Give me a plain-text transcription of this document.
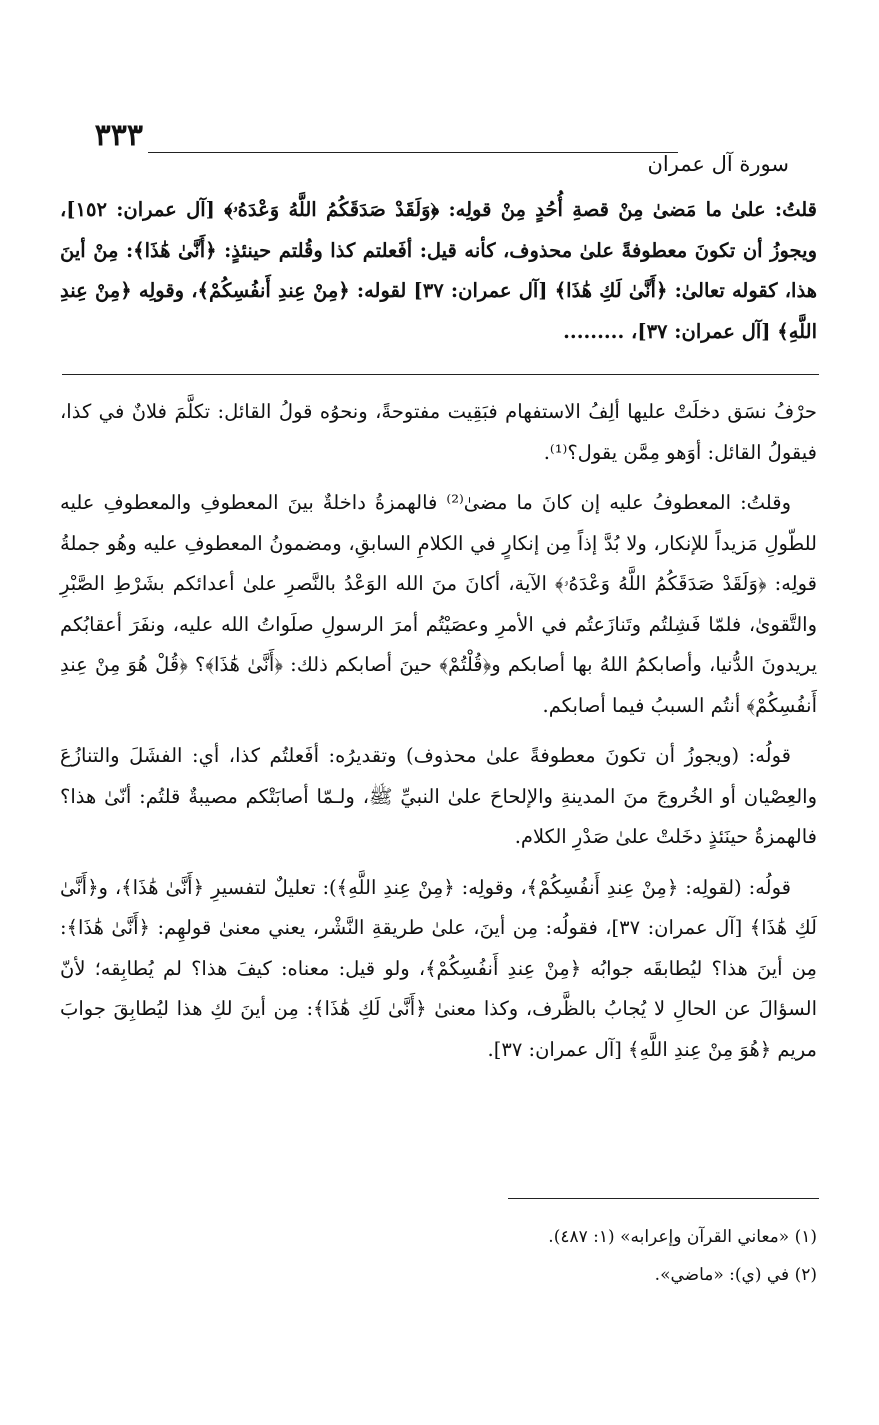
٣٣٣
سورة آل عمران

قلتُ: علىٰ ما مَضىٰ مِنْ قصةِ أُحُدٍ مِنْ قولِه: ﴿وَلَقَدْ صَدَقَكُمُ اللَّهُ وَعْدَهُۥ﴾ [آل عمران: ١٥٢]، ويجوزُ أن تكونَ معطوفةً علىٰ محذوف، كأنه قيل: أفَعلتم كذا وقُلتم حينئذٍ: ﴿أَنَّىٰ هَٰذَا﴾: مِنْ أينَ هذا، كقوله تعالىٰ: ﴿أَنَّىٰ لَكِ هَٰذَا﴾ [آل عمران: ٣٧] لقوله: ﴿مِنْ عِندِ أَنفُسِكُمْ﴾، وقولِه ﴿مِنْ عِندِ اللَّهِ﴾ [آل عمران: ٣٧]، .........

حرْفُ نسَق دخلَتْ عليها ألِفُ الاستفهام فبَقِيت مفتوحةً، ونحوُه قولُ القائل: تكلَّمَ فلانٌ في كذا، فيقولُ القائل: أوَهو مِمَّن يقول؟⁽¹⁾.

وقلتُ: المعطوفُ عليه إن كانَ ما مضىٰ⁽²⁾ فالهمزةُ داخلةٌ بينَ المعطوفِ والمعطوفِ عليه للطّولِ مَزيداً للإنكار، ولا بُدَّ إذاً مِن إنكارٍ في الكلامِ السابقِ، ومضمونُ المعطوفِ عليه وهُو جملةُ قولِه: ﴿وَلَقَدْ صَدَقَكُمُ اللَّهُ وَعْدَهُۥ﴾ الآية، أكانَ منَ الله الوَعْدُ بالنَّصرِ علىٰ أعدائكم بشَرْطِ الصَّبْرِ والتَّقوىٰ، فلمّا فَشِلتُم وتَنازَعتُم في الأمرِ وعصَيْتُم أمرَ الرسولِ صلَواتُ الله عليه، ونفَرَ أعقابُكم يريدونَ الدُّنيا، وأصابكمُ اللهُ بها أصابكم و﴿قُلْتُمْ﴾ حينَ أصابكم ذلك: ﴿أَنَّىٰ هَٰذَا﴾؟ ﴿قُلْ هُوَ مِنْ عِندِ أَنفُسِكُمْ﴾ أنتُم السببُ فيما أصابكم.

قولُه: (ويجوزُ أن تكونَ معطوفةً علىٰ محذوف) وتقديرُه: أفَعلتُم كذا، أي: الفشَلَ والتنازُعَ والعِصْيان أو الخُروجَ منَ المدينةِ والإلحاحَ علىٰ النبيِّ ﷺ، ولـمّا أصابَتْكم مصيبةٌ قلتُم: أنّىٰ هذا؟ فالهمزةُ حينَئذٍ دخَلتْ علىٰ صَدْرِ الكلام.

قولُه: (لقولِه: ﴿مِنْ عِندِ أَنفُسِكُمْ﴾، وقولِه: ﴿مِنْ عِندِ اللَّهِ﴾): تعليلٌ لتفسيرِ ﴿أَنَّىٰ هَٰذَا﴾، و﴿أَنَّىٰ لَكِ هَٰذَا﴾ [آل عمران: ٣٧]، فقولُه: مِن أينَ، علىٰ طريقةِ النَّشْر، يعني معنىٰ قولهِم: ﴿أَنَّىٰ هَٰذَا﴾: مِن أينَ هذا؟ ليُطابقَه جوابُه ﴿مِنْ عِندِ أَنفُسِكُمْ﴾، ولو قيل: معناه: كيفَ هذا؟ لم يُطابِقه؛ لأنّ السؤالَ عن الحالِ لا يُجابُ بالظَّرف، وكذا معنىٰ ﴿أَنَّىٰ لَكِ هَٰذَا﴾: مِن أينَ لكِ هذا ليُطابِقَ جوابَ مريم ﴿هُوَ مِنْ عِندِ اللَّهِ﴾ [آل عمران: ٣٧].

(١) «معاني القرآن وإعرابه» (١: ٤٨٧).
(٢) في (ي): «ماضي».
